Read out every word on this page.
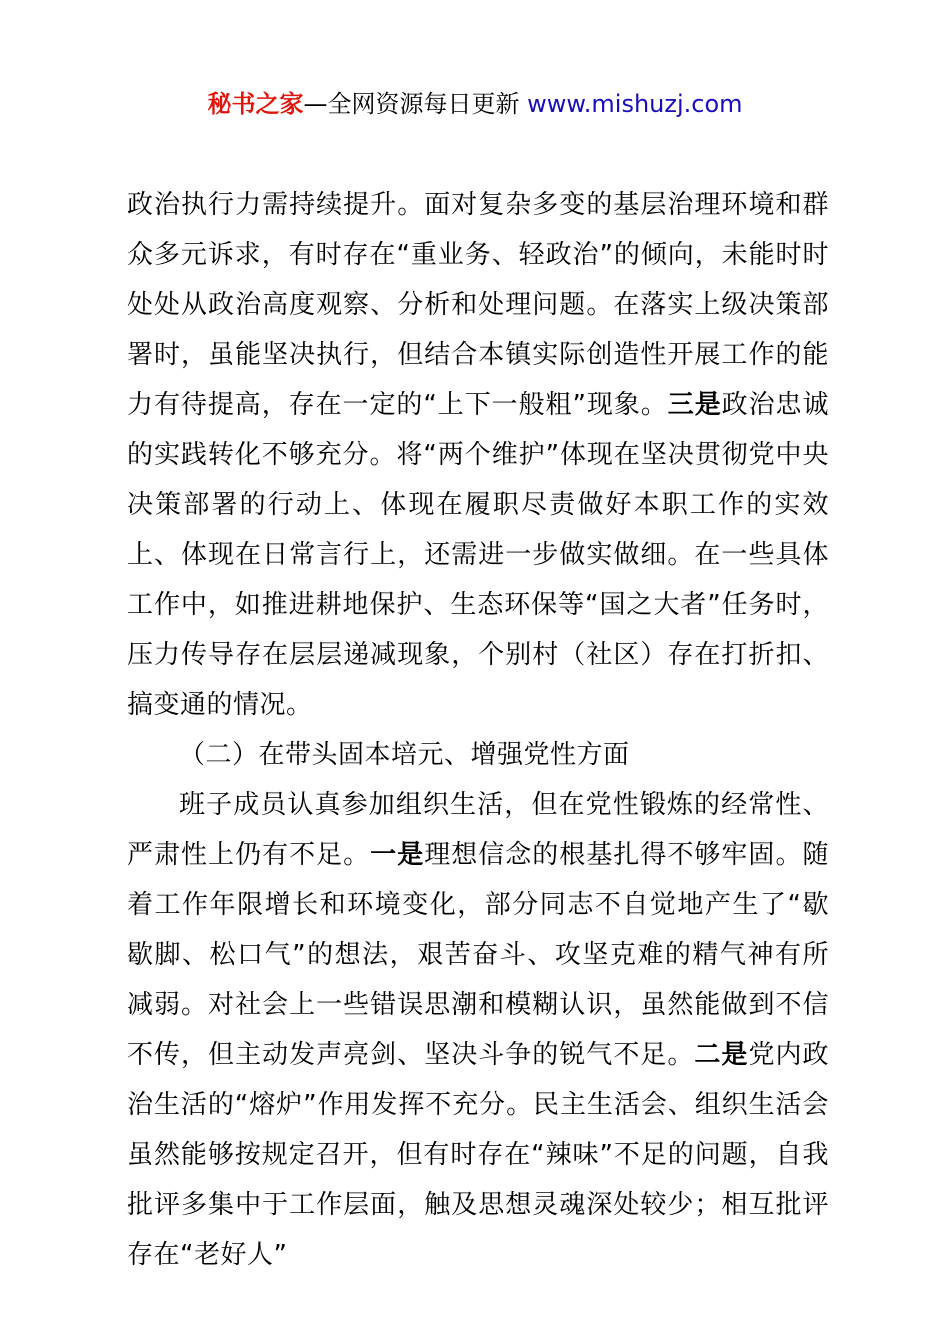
秘书之家—全网资源每日更新 www.mishuzj.com

政治执行力需持续提升。面对复杂多变的基层治理环境和群众多元诉求，有时存在“重业务、轻政治”的倾向，未能时时处处从政治高度观察、分析和处理问题。在落实上级决策部署时，虽能坚决执行，但结合本镇实际创造性开展工作的能力有待提高，存在一定的“上下一般粗”现象。三是政治忠诚的实践转化不够充分。将“两个维护”体现在坚决贯彻党中央决策部署的行动上、体现在履职尽责做好本职工作的实效上、体现在日常言行上，还需进一步做实做细。在一些具体工作中，如推进耕地保护、生态环保等“国之大者”任务时，压力传导存在层层递减现象，个别村（社区）存在打折扣、搞变通的情况。

（二）在带头固本培元、增强党性方面

班子成员认真参加组织生活，但在党性锻炼的经常性、严肃性上仍有不足。一是理想信念的根基扎得不够牢固。随着工作年限增长和环境变化，部分同志不自觉地产生了“歇歇脚、松口气”的想法，艰苦奋斗、攻坚克难的精气神有所减弱。对社会上一些错误思潮和模糊认识，虽然能做到不信不传，但主动发声亮剑、坚决斗争的锐气不足。二是党内政治生活的“熔炉”作用发挥不充分。民主生活会、组织生活会虽然能够按规定召开，但有时存在“辣味”不足的问题，自我批评多集中于工作层面，触及思想灵魂深处较少；相互批评存在“老好人”
